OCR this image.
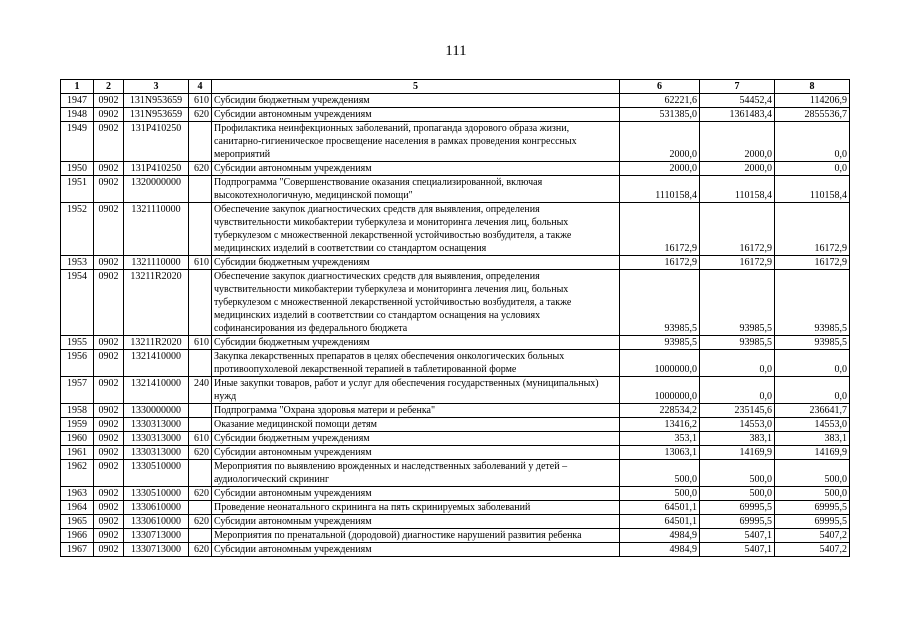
111
1	2	3	4	5	6	7	8
1947	0902	131N953659	610	Субсидии бюджетным учреждениям	62221,6	54452,4	114206,9
1948	0902	131N953659	620	Субсидии автономным учреждениям	531385,0	1361483,4	2855536,7
1949	0902	131P410250		Профилактика неинфекционных заболеваний, пропаганда здорового образа жизни, санитарно-гигиеническое просвещение населения в рамках проведения конгрессных мероприятий	2000,0	2000,0	0,0
1950	0902	131P410250	620	Субсидии автономным учреждениям	2000,0	2000,0	0,0
1951	0902	1320000000		Подпрограмма "Совершенствование оказания специализированной, включая высокотехнологичную, медицинской помощи"	1110158,4	110158,4	110158,4
1952	0902	1321110000		Обеспечение закупок диагностических средств для выявления, определения чувствительности микобактерии туберкулеза и мониторинга лечения лиц, больных туберкулезом с множественной лекарственной устойчивостью возбудителя, а также медицинских изделий в соответствии со стандартом оснащения	16172,9	16172,9	16172,9
1953	0902	1321110000	610	Субсидии бюджетным учреждениям	16172,9	16172,9	16172,9
1954	0902	13211R2020		Обеспечение закупок диагностических средств для выявления, определения чувствительности микобактерии туберкулеза и мониторинга лечения лиц, больных туберкулезом с множественной лекарственной устойчивостью возбудителя, а также медицинских изделий в соответствии со стандартом оснащения на условиях софинансирования из федерального бюджета	93985,5	93985,5	93985,5
1955	0902	13211R2020	610	Субсидии бюджетным учреждениям	93985,5	93985,5	93985,5
1956	0902	1321410000		Закупка лекарственных препаратов в целях обеспечения онкологических больных противоопухолевой лекарственной терапией в таблетированной форме	1000000,0	0,0	0,0
1957	0902	1321410000	240	Иные закупки товаров, работ и услуг для обеспечения государственных (муниципальных) нужд	1000000,0	0,0	0,0
1958	0902	1330000000		Подпрограмма "Охрана здоровья матери и ребенка"	228534,2	235145,6	236641,7
1959	0902	1330313000		Оказание медицинской помощи детям	13416,2	14553,0	14553,0
1960	0902	1330313000	610	Субсидии бюджетным учреждениям	353,1	383,1	383,1
1961	0902	1330313000	620	Субсидии автономным учреждениям	13063,1	14169,9	14169,9
1962	0902	1330510000		Мероприятия по выявлению врожденных и наследственных заболеваний у детей – аудиологический скрининг	500,0	500,0	500,0
1963	0902	1330510000	620	Субсидии автономным учреждениям	500,0	500,0	500,0
1964	0902	1330610000		Проведение неонатального скрининга на пять скринируемых заболеваний	64501,1	69995,5	69995,5
1965	0902	1330610000	620	Субсидии автономным учреждениям	64501,1	69995,5	69995,5
1966	0902	1330713000		Мероприятия по пренатальной (дородовой) диагностике нарушений развития ребенка	4984,9	5407,1	5407,2
1967	0902	1330713000	620	Субсидии автономным учреждениям	4984,9	5407,1	5407,2
